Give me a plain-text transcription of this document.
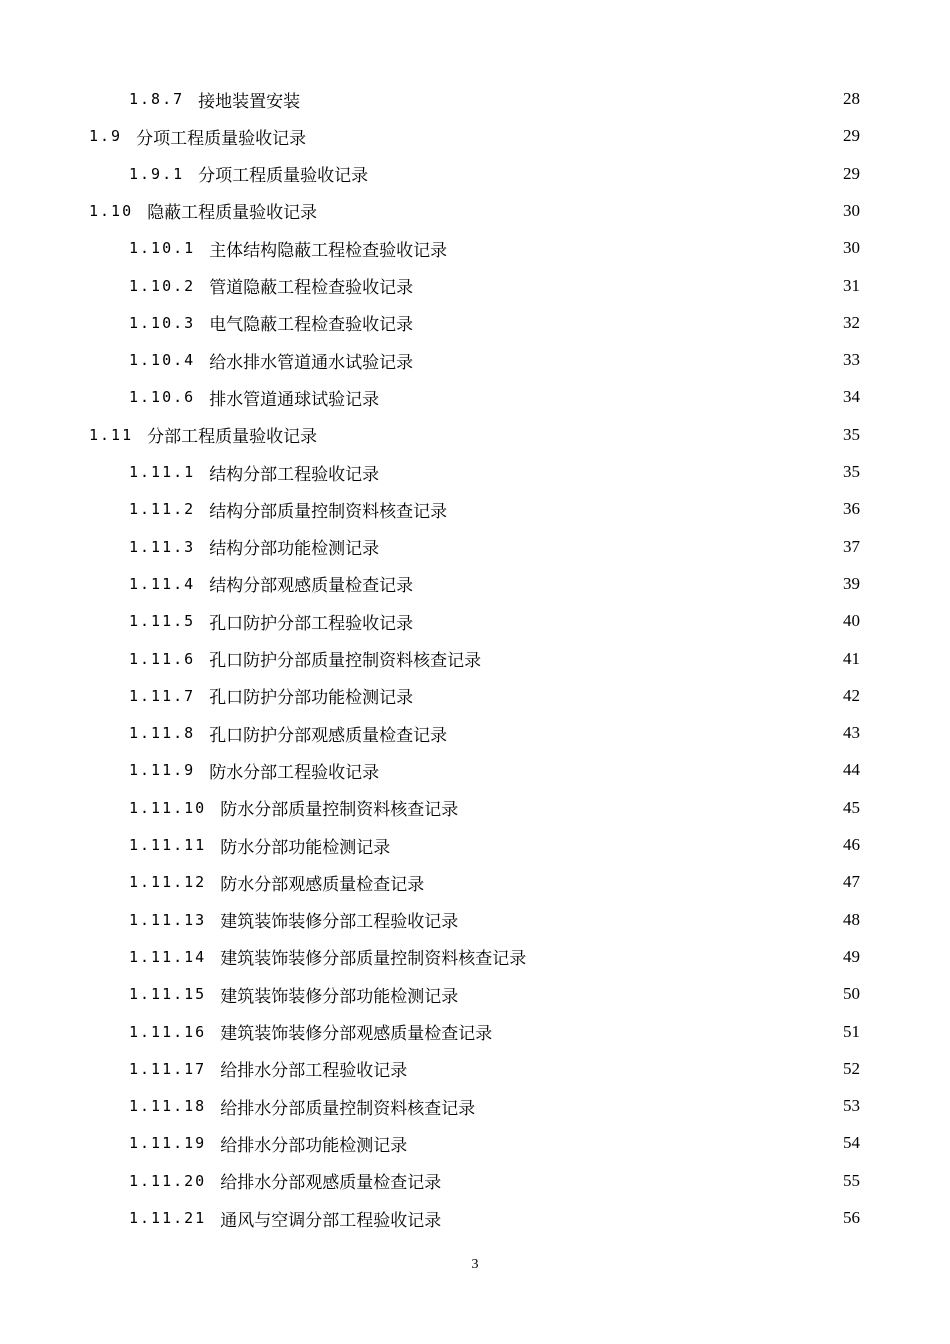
1.8.7 接地装置安装 .....	28
1.9 分项工程质量验收记录 .....	29
1.9.1 分项工程质量验收记录 .....	29
1.10 隐蔽工程质量验收记录 .....	30
1.10.1 主体结构隐蔽工程检查验收记录 .....	30
1.10.2 管道隐蔽工程检查验收记录 .....	31
1.10.3 电气隐蔽工程检查验收记录 .....	32
1.10.4 给水排水管道通水试验记录 .....	33
1.10.6 排水管道通球试验记录 .....	34
1.11 分部工程质量验收记录 .....	35
1.11.1 结构分部工程验收记录 .....	35
1.11.2 结构分部质量控制资料核查记录 .....	36
1.11.3 结构分部功能检测记录 .....	37
1.11.4 结构分部观感质量检查记录 .....	39
1.11.5 孔口防护分部工程验收记录 .....	40
1.11.6 孔口防护分部质量控制资料核查记录 .....	41
1.11.7 孔口防护分部功能检测记录 .....	42
1.11.8 孔口防护分部观感质量检查记录 .....	43
1.11.9 防水分部工程验收记录 .....	44
1.11.10 防水分部质量控制资料核查记录 .....	45
1.11.11 防水分部功能检测记录 .....	46
1.11.12 防水分部观感质量检查记录 .....	47
1.11.13 建筑装饰装修分部工程验收记录 .....	48
1.11.14 建筑装饰装修分部质量控制资料核查记录 .....	49
1.11.15 建筑装饰装修分部功能检测记录 .....	50
1.11.16 建筑装饰装修分部观感质量检查记录 .....	51
1.11.17 给排水分部工程验收记录 .....	52
1.11.18 给排水分部质量控制资料核查记录 .....	53
1.11.19 给排水分部功能检测记录 .....	54
1.11.20 给排水分部观感质量检查记录 .....	55
1.11.21 通风与空调分部工程验收记录 .....	56
3
